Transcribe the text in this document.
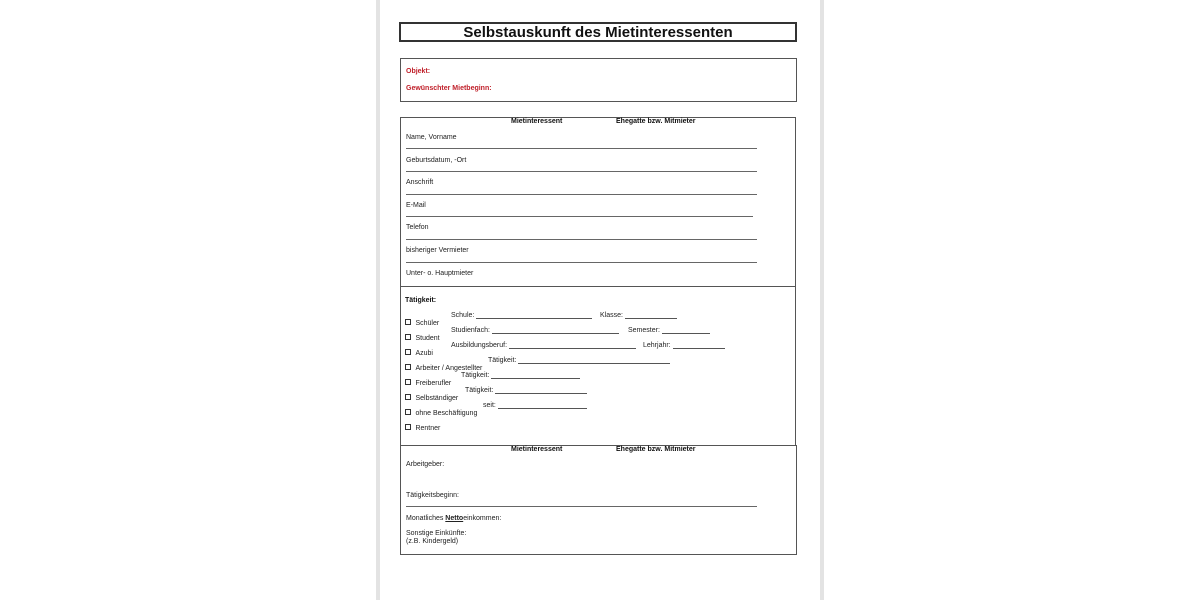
Selbstauskunft des Mietinteressenten
Objekt:
Gewünschter Mietbeginn:
Mietinteressent	Ehegatte bzw. Mitmieter
Name, Vorname
Geburtsdatum, -Ort
Anschrift
E-Mail
Telefon
bisheriger Vermieter
Unter- o. Hauptmieter
Tätigkeit:
Schüler
Schule:	Klasse:
Student
Studienfach:	Semester:
Azubi
Ausbildungsberuf:	Lehrjahr:
Arbeiter / Angestellter
Tätigkeit:
Freiberufler
Tätigkeit:
Selbständiger
Tätigkeit:
ohne Beschäftigung
seit:
Rentner
Mietinteressent	Ehegatte bzw. Mitmieter
Arbeitgeber:
Tätigkeitsbeginn:
Monatliches Nettoeinkommen:
Sonstige Einkünfte:
(z.B. Kindergeld)
